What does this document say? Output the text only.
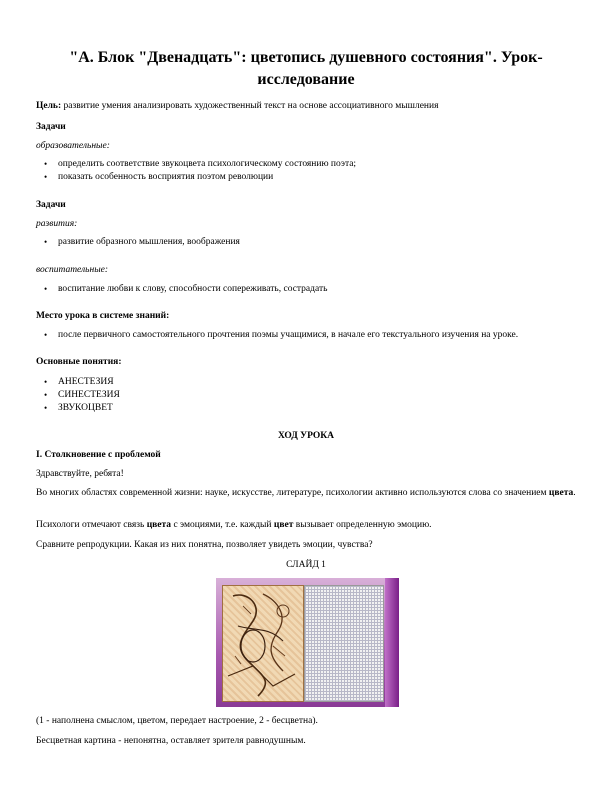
"А. Блок "Двенадцать": цветопись душевного состояния". Урок-исследование
Цель: развитие умения анализировать художественный текст на основе ассоциативного мышления
Задачи
образовательные:
• определить соответствие звукоцвета психологическому состоянию поэта;
• показать особенность восприятия поэтом революции
Задачи
развития:
• развитие образного мышления, воображения
воспитательные:
• воспитание любви к слову, способности сопереживать, сострадать
Место урока в системе знаний:
• после первичного самостоятельного прочтения поэмы учащимися, в начале его текстуального изучения на уроке.
Основные понятия:
• АНЕСТЕЗИЯ
• СИНЕСТЕЗИЯ
• ЗВУКОЦВЕТ
ХОД УРОКА
I. Столкновение с проблемой
Здравствуйте, ребята!
Во многих областях современной жизни: науке, искусстве, литературе, психологии активно используются слова со значением цвета.
Психологи отмечают связь цвета с эмоциями, т.е. каждый цвет вызывает определенную эмоцию.
Сравните репродукции. Какая из них понятна, позволяет увидеть эмоции, чувства?
СЛАЙД 1
(1 - наполнена смыслом, цветом, передает настроение, 2 - бесцветна).
Бесцветная картина - непонятна, оставляет зрителя равнодушным.
